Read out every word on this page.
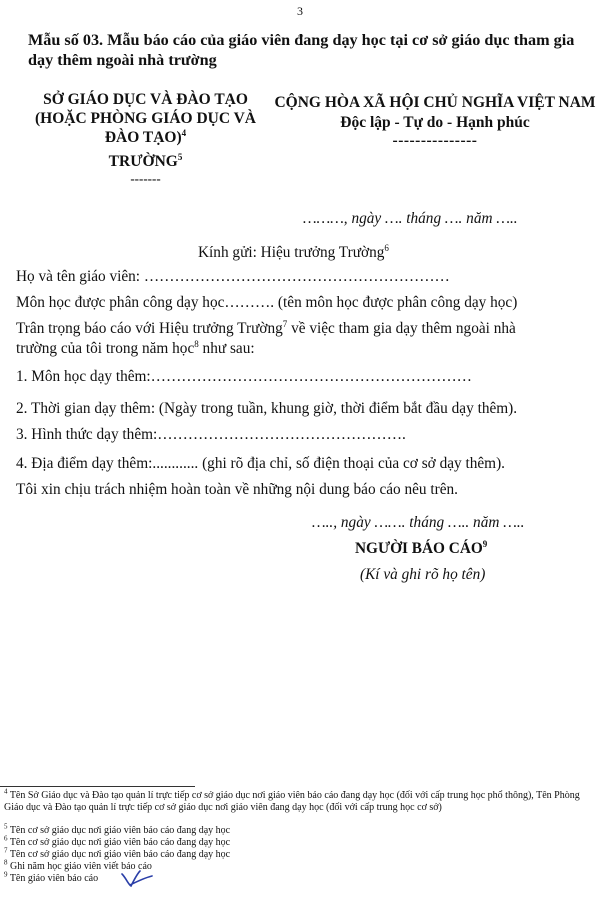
3
Mẫu số 03. Mẫu báo cáo của giáo viên đang dạy học tại cơ sở giáo dục tham gia dạy thêm ngoài nhà trường
SỞ GIÁO DỤC VÀ ĐÀO TẠO
(HOẶC PHÒNG GIÁO DỤC VÀ
ĐÀO TẠO)$^4$
TRƯỜNG$^5$
-------
CỘNG HÒA XÃ HỘI CHỦ NGHĨA VIỆT NAM
Độc lập - Tự do - Hạnh phúc
---------------
………, ngày …. tháng …. năm …..
Kính gửi: Hiệu trưởng Trường$^6$
Họ và tên giáo viên: ……………………………………………………
Môn học được phân công dạy học………. (tên môn học được phân công dạy học)
Trân trọng báo cáo với Hiệu trưởng Trường$^7$ về việc tham gia dạy thêm ngoài nhà
trường của tôi trong năm học$^8$ như sau:
1. Môn học dạy thêm:………………………………………………………
2. Thời gian dạy thêm: (Ngày trong tuần, khung giờ, thời điểm bắt đầu dạy thêm).
3. Hình thức dạy thêm:………………………………………….
4. Địa điểm dạy thêm:............ (ghi rõ địa chỉ, số điện thoại của cơ sở dạy thêm).
Tôi xin chịu trách nhiệm hoàn toàn về những nội dung báo cáo nêu trên.
….., ngày ……. tháng ….. năm …..
NGƯỜI BÁO CÁO$^9$
(Kí và ghi rõ họ tên)
$^4$ Tên Sở Giáo dục và Đào tạo quản lí trực tiếp cơ sở giáo dục nơi giáo viên báo cáo đang dạy học (đối với cấp trung học phổ thông), Tên Phòng Giáo dục và Đào tạo quản lí trực tiếp cơ sở giáo dục nơi giáo viên đang dạy học (đối với cấp trung học cơ sở)
$^5$ Tên cơ sở giáo dục nơi giáo viên báo cáo đang dạy học
$^6$ Tên cơ sở giáo dục nơi giáo viên báo cáo đang dạy học
$^7$ Tên cơ sở giáo dục nơi giáo viên báo cáo đang dạy học
$^8$ Ghi năm học giáo viên viết báo cáo
$^9$ Tên giáo viên báo cáo
